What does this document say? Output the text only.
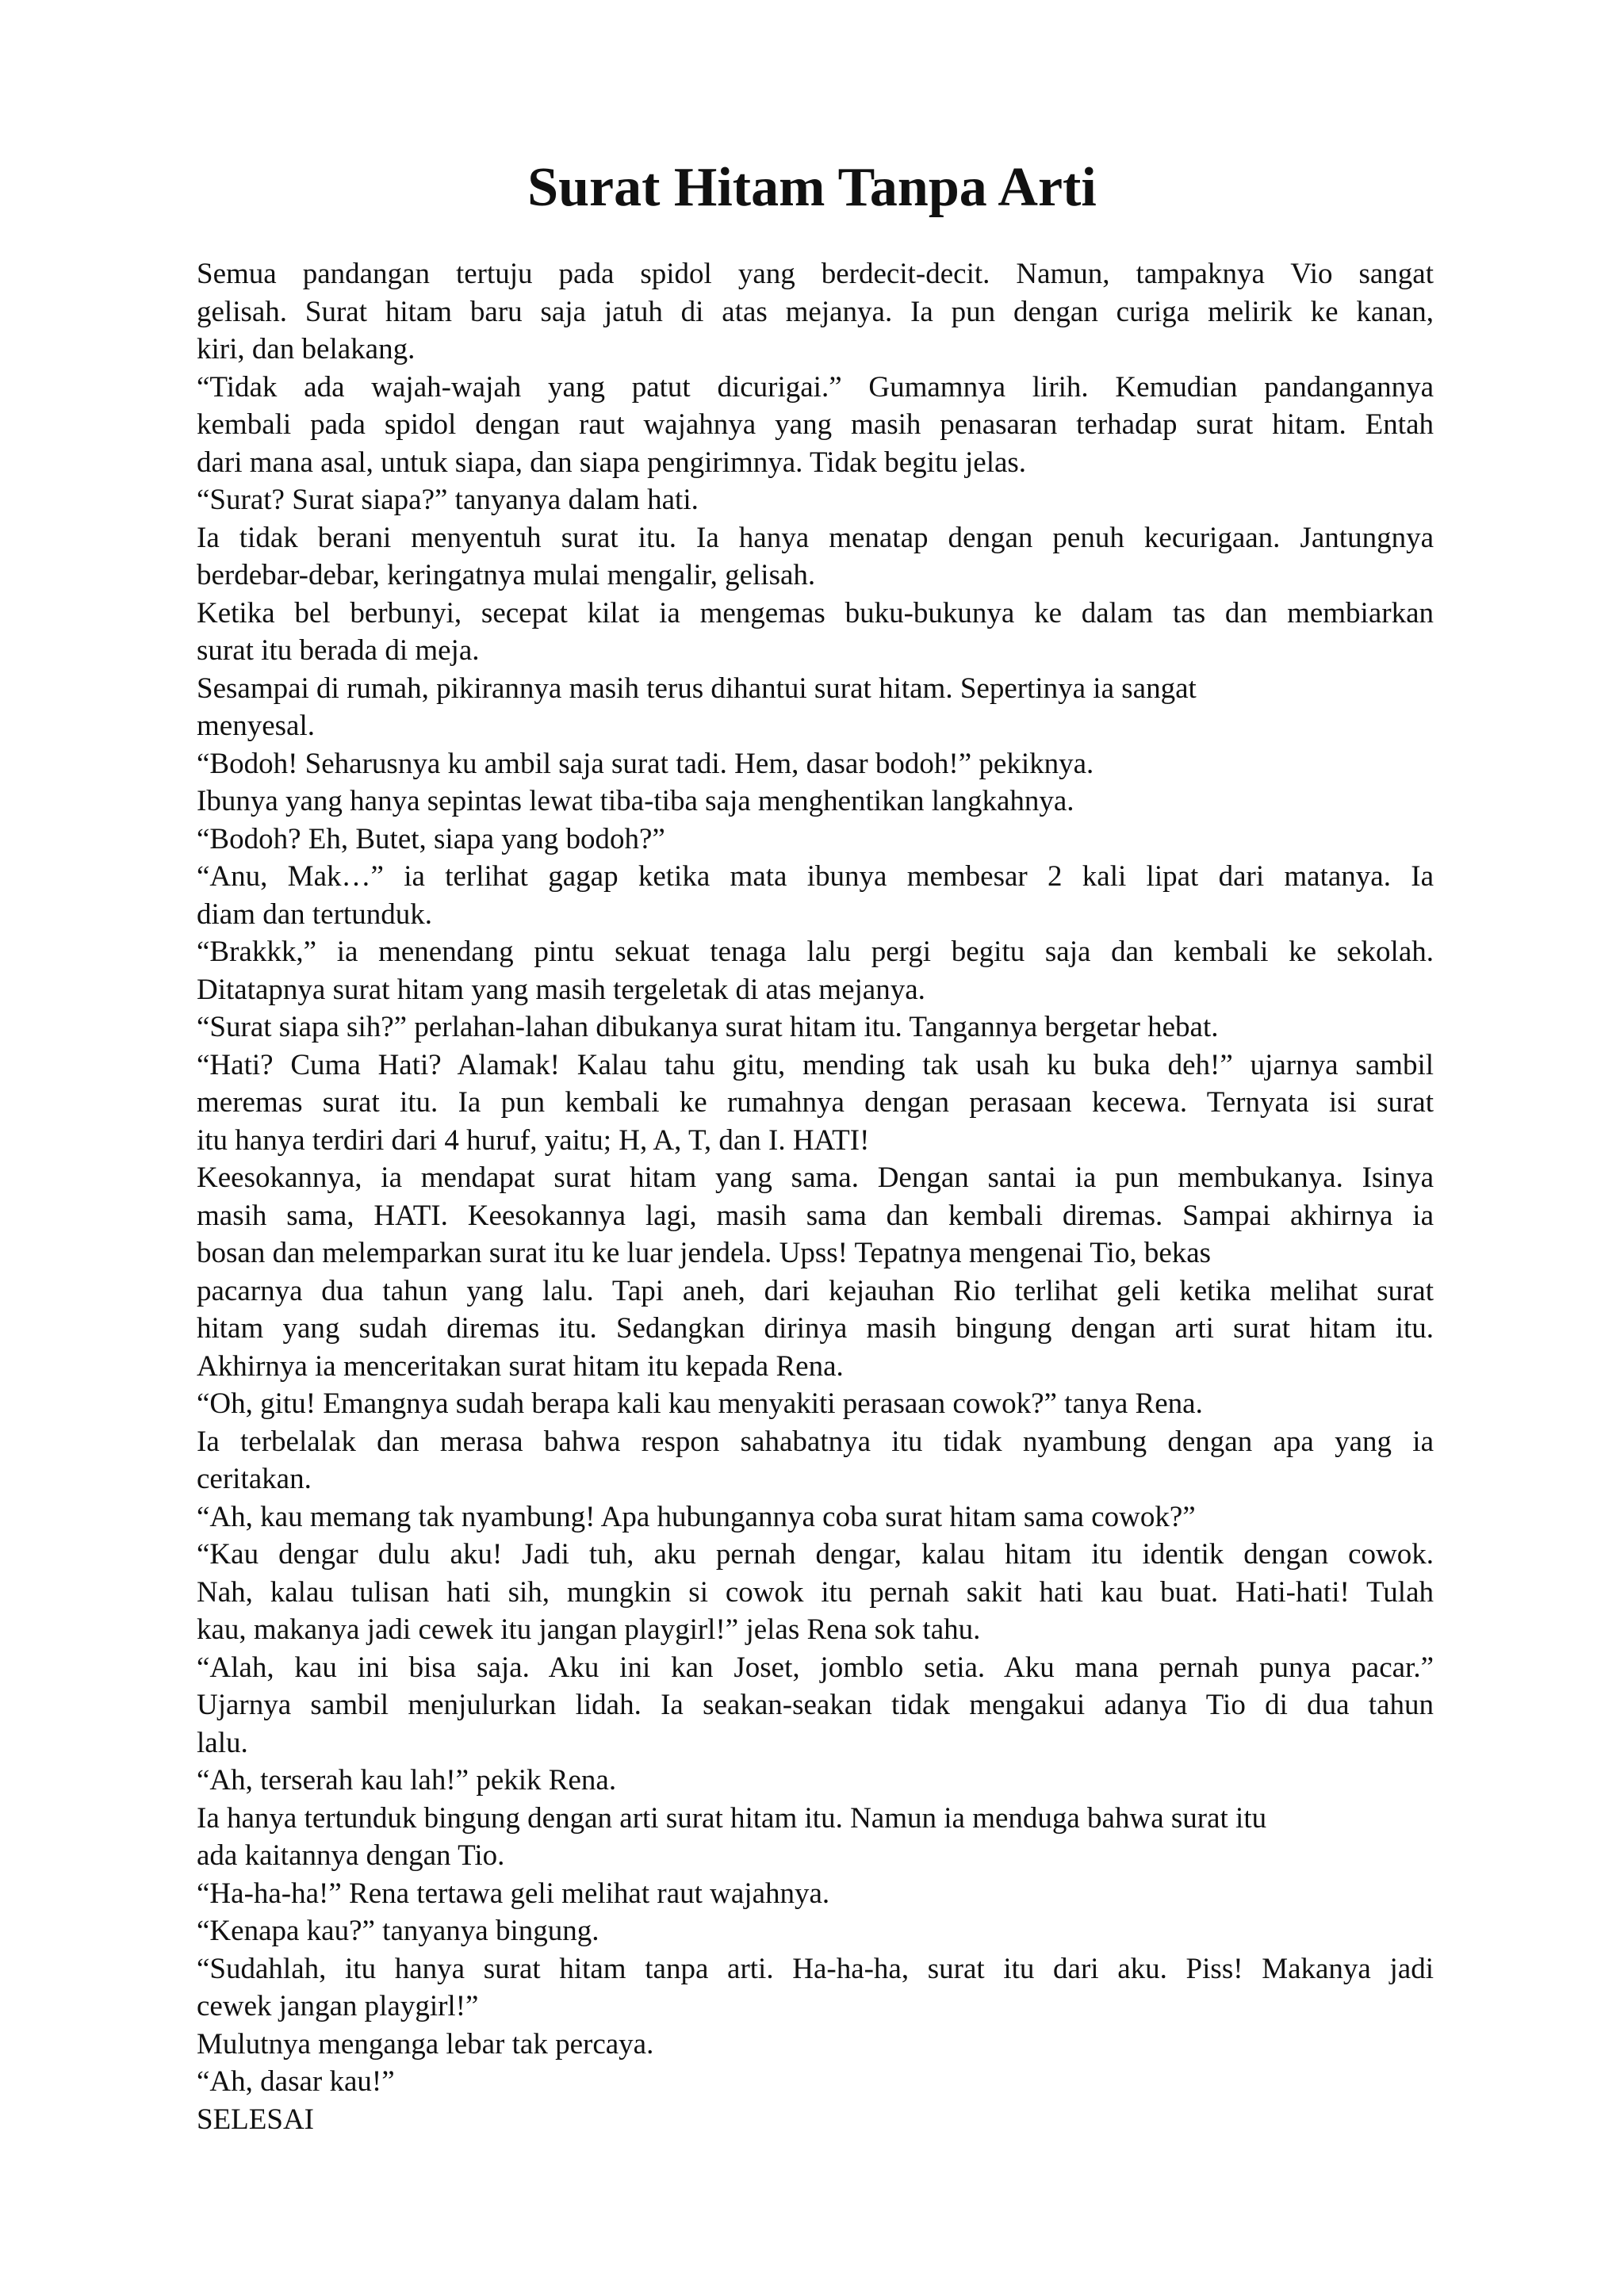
Surat Hitam Tanpa Arti
Semua pandangan tertuju pada spidol yang berdecit-decit. Namun, tampaknya Vio sangat
gelisah. Surat hitam baru saja jatuh di atas mejanya. Ia pun dengan curiga melirik ke kanan,
kiri, dan belakang.
“Tidak ada wajah-wajah yang patut dicurigai.” Gumamnya lirih. Kemudian pandangannya
kembali pada spidol dengan raut wajahnya yang masih penasaran terhadap surat hitam. Entah
dari mana asal, untuk siapa, dan siapa pengirimnya. Tidak begitu jelas.
“Surat? Surat siapa?” tanyanya dalam hati.
Ia tidak berani menyentuh surat itu. Ia hanya menatap dengan penuh kecurigaan. Jantungnya
berdebar-debar, keringatnya mulai mengalir, gelisah.
Ketika bel berbunyi, secepat kilat ia mengemas buku-bukunya ke dalam tas dan membiarkan
surat itu berada di meja.
Sesampai di rumah, pikirannya masih terus dihantui surat hitam. Sepertinya ia sangat
menyesal.
“Bodoh! Seharusnya ku ambil saja surat tadi. Hem, dasar bodoh!” pekiknya.
Ibunya yang hanya sepintas lewat tiba-tiba saja menghentikan langkahnya.
“Bodoh? Eh, Butet, siapa yang bodoh?”
“Anu, Mak…” ia terlihat gagap ketika mata ibunya membesar 2 kali lipat dari matanya. Ia
diam dan tertunduk.
“Brakkk,” ia menendang pintu sekuat tenaga lalu pergi begitu saja dan kembali ke sekolah.
Ditatapnya surat hitam yang masih tergeletak di atas mejanya.
“Surat siapa sih?” perlahan-lahan dibukanya surat hitam itu. Tangannya bergetar hebat.
“Hati? Cuma Hati? Alamak! Kalau tahu gitu, mending tak usah ku buka deh!” ujarnya sambil
meremas surat itu. Ia pun kembali ke rumahnya dengan perasaan kecewa. Ternyata isi surat
itu hanya terdiri dari 4 huruf, yaitu; H, A, T, dan I. HATI!
Keesokannya, ia mendapat surat hitam yang sama. Dengan santai ia pun membukanya. Isinya
masih sama, HATI. Keesokannya lagi, masih sama dan kembali diremas. Sampai akhirnya ia
bosan dan melemparkan surat itu ke luar jendela. Upss! Tepatnya mengenai Tio, bekas
pacarnya dua tahun yang lalu. Tapi aneh, dari kejauhan Rio terlihat geli ketika melihat surat
hitam yang sudah diremas itu. Sedangkan dirinya masih bingung dengan arti surat hitam itu.
Akhirnya ia menceritakan surat hitam itu kepada Rena.
“Oh, gitu! Emangnya sudah berapa kali kau menyakiti perasaan cowok?” tanya Rena.
Ia terbelalak dan merasa bahwa respon sahabatnya itu tidak nyambung dengan apa yang ia
ceritakan.
“Ah, kau memang tak nyambung! Apa hubungannya coba surat hitam sama cowok?”
“Kau dengar dulu aku! Jadi tuh, aku pernah dengar, kalau hitam itu identik dengan cowok.
Nah, kalau tulisan hati sih, mungkin si cowok itu pernah sakit hati kau buat. Hati-hati! Tulah
kau, makanya jadi cewek itu jangan playgirl!” jelas Rena sok tahu.
“Alah, kau ini bisa saja. Aku ini kan Joset, jomblo setia. Aku mana pernah punya pacar.”
Ujarnya sambil menjulurkan lidah. Ia seakan-seakan tidak mengakui adanya Tio di dua tahun
lalu.
“Ah, terserah kau lah!” pekik Rena.
Ia hanya tertunduk bingung dengan arti surat hitam itu. Namun ia menduga bahwa surat itu
ada kaitannya dengan Tio.
“Ha-ha-ha!” Rena tertawa geli melihat raut wajahnya.
“Kenapa kau?” tanyanya bingung.
“Sudahlah, itu hanya surat hitam tanpa arti. Ha-ha-ha, surat itu dari aku. Piss! Makanya jadi
cewek jangan playgirl!”
Mulutnya menganga lebar tak percaya.
“Ah, dasar kau!”
SELESAI
